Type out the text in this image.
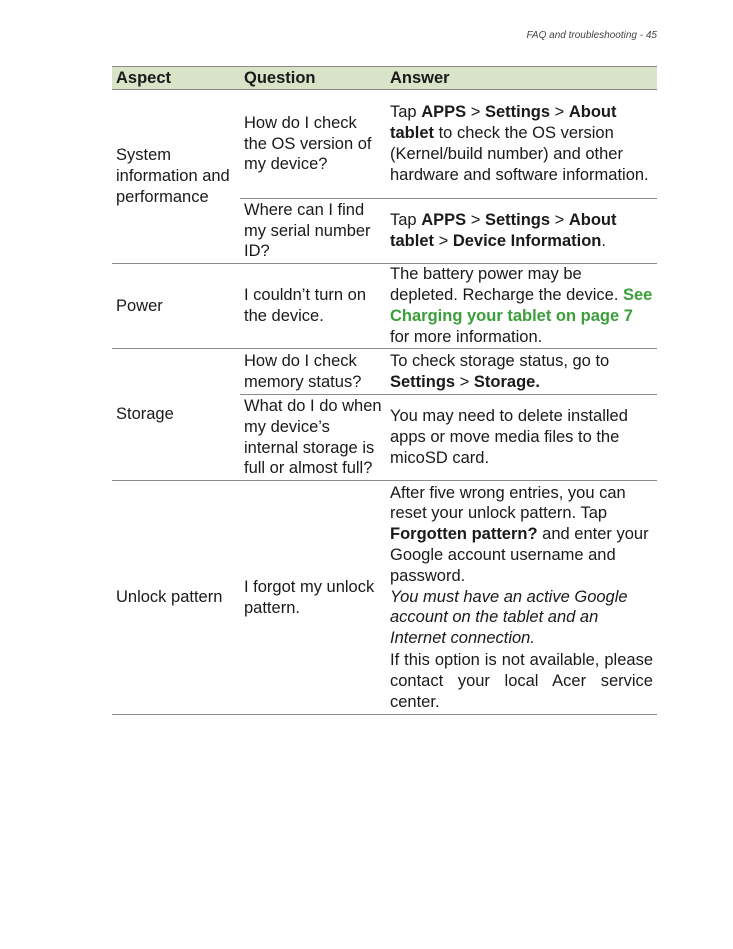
FAQ and troubleshooting - 45
Aspect	Question	Answer
System information and performance	How do I check the OS version of my device?	Tap APPS > Settings > About tablet to check the OS version (Kernel/build number) and other hardware and software information.
	Where can I find my serial number ID?	Tap APPS > Settings > About tablet > Device Information.
Power	I couldn’t turn on the device.	The battery power may be depleted. Recharge the device. See Charging your tablet on page 7 for more information.
Storage	How do I check memory status?	To check storage status, go to Settings > Storage.
	What do I do when my device’s internal storage is full or almost full?	You may need to delete installed apps or move media files to the micoSD card.
Unlock pattern	I forgot my unlock pattern.	After five wrong entries, you can reset your unlock pattern. Tap Forgotten pattern? and enter your Google account username and password.
You must have an active Google account on the tablet and an Internet connection.
If this option is not available, please contact your local Acer service center.
